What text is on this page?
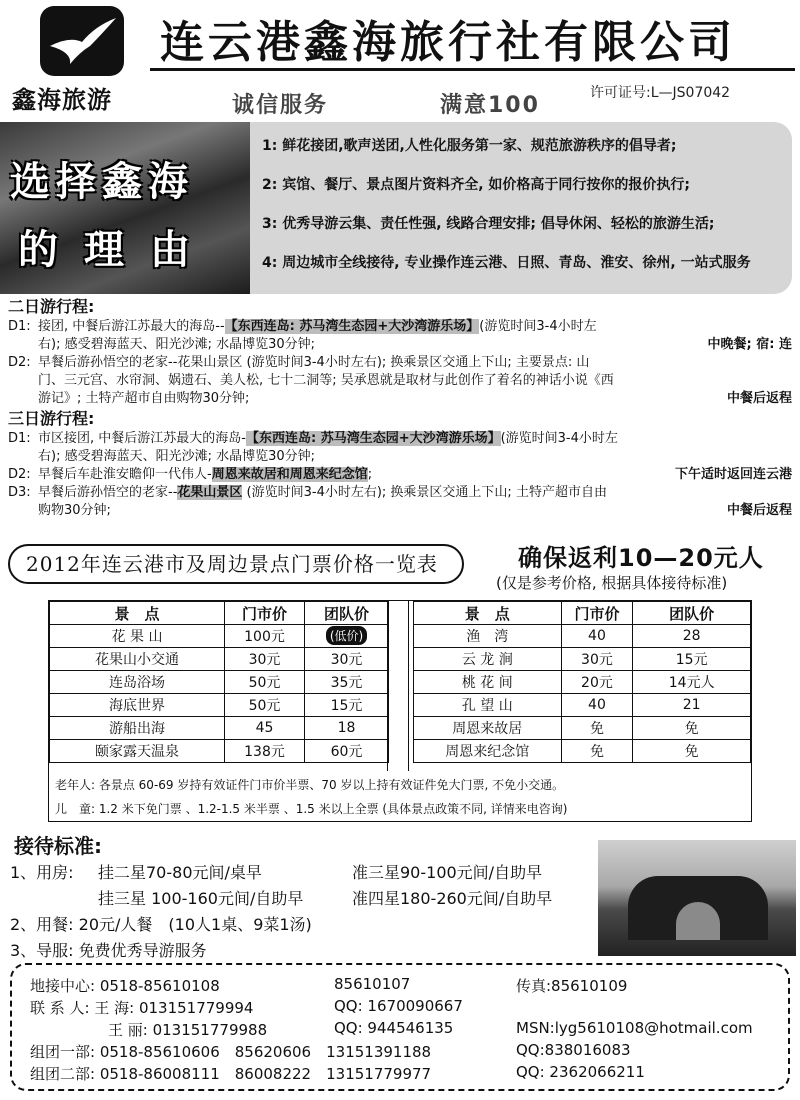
鑫海旅游
连云港鑫海旅行社有限公司
诚信服务	满意100	许可证号:L—JS07042
选择鑫海
的理由
1: 鲜花接团,歌声送团,人性化服务第一家、规范旅游秩序的倡导者;
2: 宾馆、餐厅、景点图片资料齐全, 如价格高于同行按你的报价执行;
3: 优秀导游云集、责任性强, 线路合理安排; 倡导休闲、轻松的旅游生活;
4: 周边城市全线接待, 专业操作连云港、日照、青岛、淮安、徐州, 一站式服务
二日游行程:
D1: 接团, 中餐后游江苏最大的海岛--【东西连岛: 苏马湾生态园+大沙湾游乐场】(游览时间3-4小时左
右); 感受碧海蓝天、阳光沙滩; 水晶博览30分钟;	中晚餐; 宿: 连
D2: 早餐后游孙悟空的老家--花果山景区 (游览时间3-4小时左右); 换乘景区交通上下山; 主要景点: 山
门、三元宫、水帘洞、娲遗石、美人松, 七十二洞等; 吴承恩就是取材与此创作了着名的神话小说《西
游记》; 土特产超市自由购物30分钟;	中餐后返程
三日游行程:
D1: 市区接团, 中餐后游江苏最大的海岛-【东西连岛: 苏马湾生态园+大沙湾游乐场】(游览时间3-4小时左
右); 感受碧海蓝天、阳光沙滩; 水晶博览30分钟;
D2: 早餐后车赴淮安瞻仰一代伟人-周恩来故居和周恩来纪念馆;	下午适时返回连云港
D3: 早餐后游孙悟空的老家--花果山景区 (游览时间3-4小时左右); 换乘景区交通上下山; 土特产超市自由
购物30分钟;	中餐后返程
2012年连云港市及周边景点门票价格一览表	确保返利10—20元人
(仅是参考价格, 根据具体接待标准)
景　点	门市价	团队价
花 果 山	100元	(低价)
花果山小交通	30元	30元
连岛浴场	50元	35元
海底世界	50元	15元
游船出海	45	18
颐家露天温泉	138元	60元
景　点	门市价	团队价
渔　湾	40	28
云 龙 涧	30元	15元
桃 花 间	20元	14元人
孔 望 山	40	21
周恩来故居	免	免
周恩来纪念馆	免	免
老年人: 各景点 60-69 岁持有效证件门市价半票、70 岁以上持有效证件免大门票, 不免小交通。
儿　童: 1.2 米下免门票 、1.2-1.5 米半票 、1.5 米以上全票 (具体景点政策不同, 详情来电咨询)
接待标准:
1、用房: 挂二星70-80元间/桌早	准三星90-100元间/自助早
挂三星 100-160元间/自助早	准四星180-260元间/自助早
2、用餐: 20元/人餐　(10人1桌、9菜1汤)
3、导服: 免费优秀导游服务
地接中心: 0518-85610108	85610107	传真:85610109
联 系 人: 王 海: 013151779994	QQ: 1670090667
王 丽: 013151779988	QQ: 944546135	MSN:lyg5610108@hotmail.com
组团一部: 0518-85610606　85620606　13151391188	QQ:838016083
组团二部: 0518-86008111　86008222　13151779977	QQ: 2362066211
